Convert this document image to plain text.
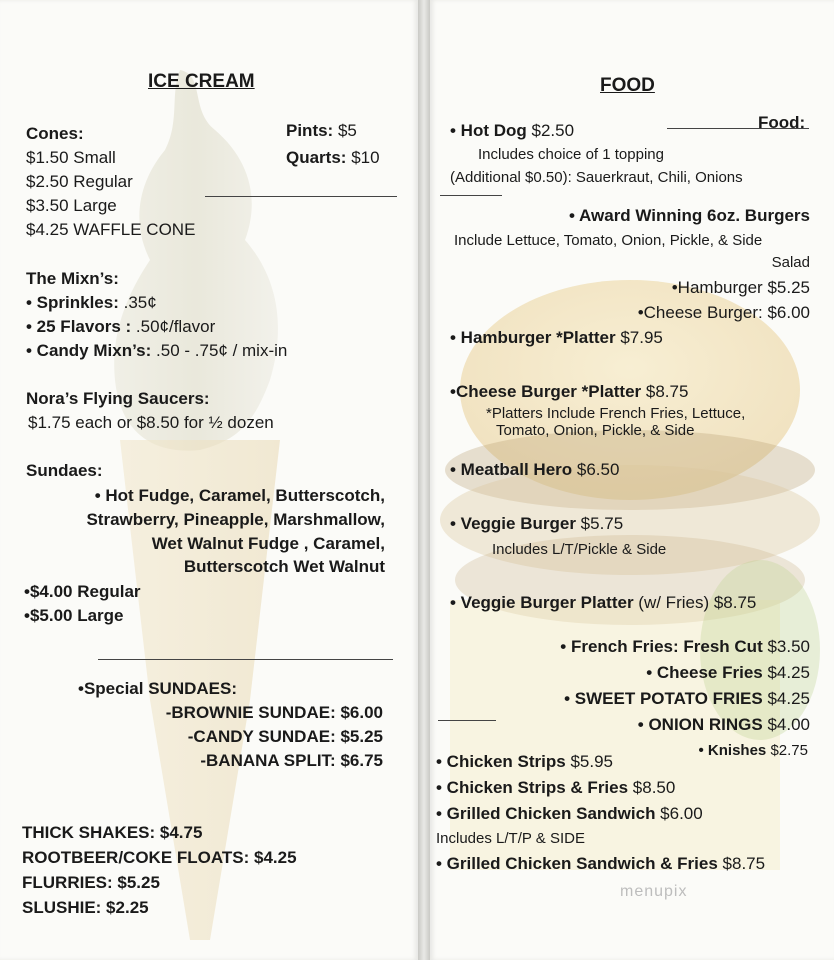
ICE CREAM
Cones:
$1.50 Small
$2.50 Regular
$3.50 Large
$4.25 WAFFLE CONE
Pints: $5
Quarts: $10
The Mixn’s:
• Sprinkles: .35¢
• 25 Flavors : .50¢/flavor
• Candy Mixn’s: .50 - .75¢ / mix-in
Nora’s Flying Saucers:
$1.75 each or $8.50 for ½ dozen
Sundaes:
• Hot Fudge, Caramel, Butterscotch,
Strawberry, Pineapple, Marshmallow,
Wet Walnut Fudge , Caramel,
Butterscotch Wet Walnut
•$4.00 Regular
•$5.00 Large
•Special SUNDAES:
-BROWNIE SUNDAE: $6.00
-CANDY SUNDAE: $5.25
-BANANA SPLIT: $6.75
THICK SHAKES: $4.75
ROOTBEER/COKE FLOATS: $4.25
FLURRIES: $5.25
SLUSHIE: $2.25
FOOD
• Hot Dog $2.50	Food:
Includes choice of 1 topping
(Additional $0.50): Sauerkraut, Chili, Onions
• Award Winning 6oz. Burgers
Include Lettuce, Tomato, Onion, Pickle, & Side
Salad
•Hamburger $5.25
•Cheese Burger: $6.00
• Hamburger *Platter $7.95
•Cheese Burger *Platter $8.75
*Platters Include French Fries, Lettuce,
Tomato, Onion, Pickle, & Side
• Meatball Hero $6.50
• Veggie Burger $5.75
Includes L/T/Pickle & Side
• Veggie Burger Platter (w/ Fries) $8.75
• French Fries: Fresh Cut $3.50
• Cheese Fries $4.25
• SWEET POTATO FRIES $4.25
• ONION RINGS $4.00
• Knishes $2.75
• Chicken Strips $5.95
• Chicken Strips & Fries $8.50
• Grilled Chicken Sandwich $6.00
Includes L/T/P & SIDE
• Grilled Chicken Sandwich & Fries $8.75
menupix
